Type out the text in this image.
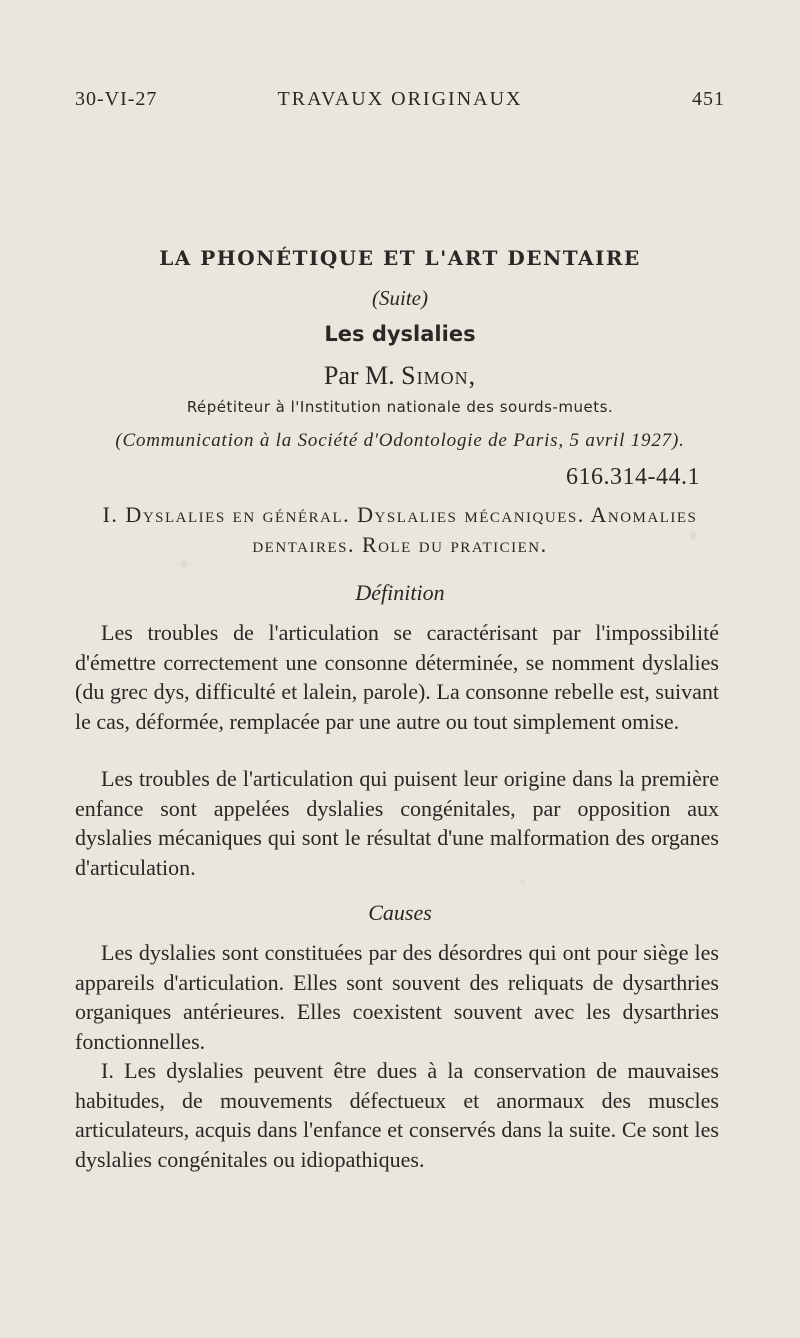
30-VI-27	TRAVAUX ORIGINAUX	451
LA PHONÉTIQUE ET L'ART DENTAIRE
(Suite)
Les dyslalies
Par M. Simon,
Répétiteur à l'Institution nationale des sourds-muets.
(Communication à la Société d'Odontologie de Paris, 5 avril 1927).
616.314-44.1
I. Dyslalies en général. Dyslalies mécaniques. Anomalies dentaires. Role du praticien.
Définition
Les troubles de l'articulation se caractérisant par l'impossibilité d'émettre correctement une consonne déterminée, se nomment dyslalies (du grec dys, difficulté et lalein, parole). La consonne rebelle est, suivant le cas, déformée, remplacée par une autre ou tout simplement omise.
Les troubles de l'articulation qui puisent leur origine dans la première enfance sont appelées dyslalies congénitales, par opposition aux dyslalies mécaniques qui sont le résultat d'une malformation des organes d'articulation.
Causes
Les dyslalies sont constituées par des désordres qui ont pour siège les appareils d'articulation. Elles sont souvent des reliquats de dysarthries organiques antérieures. Elles coexistent souvent avec les dysarthries fonctionnelles.
I. Les dyslalies peuvent être dues à la conservation de mauvaises habitudes, de mouvements défectueux et anormaux des muscles articulateurs, acquis dans l'enfance et conservés dans la suite. Ce sont les dyslalies congénitales ou idiopathiques.
